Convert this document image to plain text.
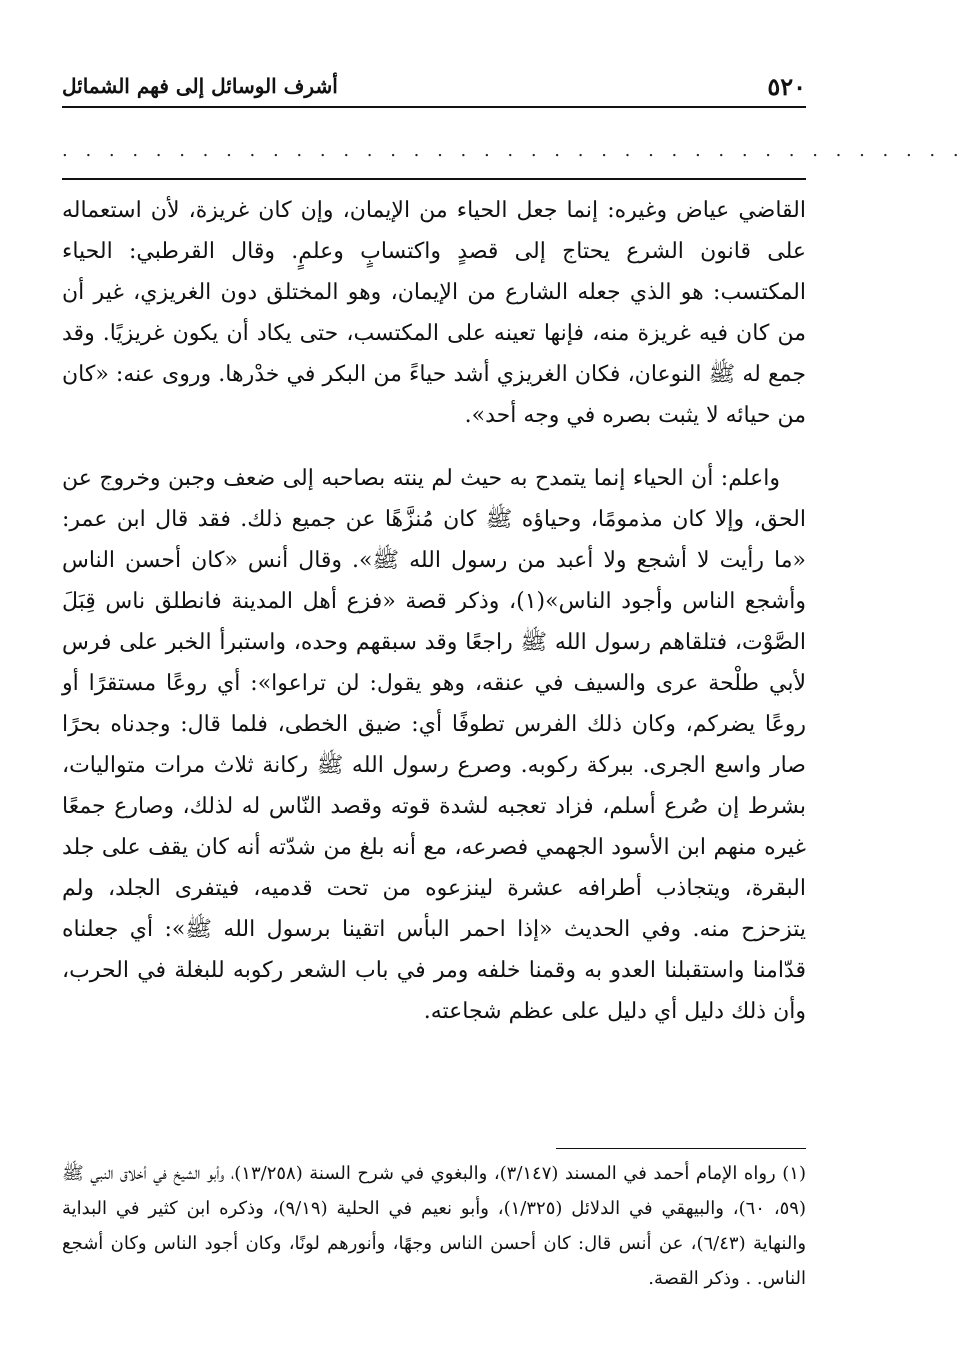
٥٢٠
أشرف الوسائل إلى فهم الشمائل
. . . . . . . . . . . . . . . . . . . . . . . . . . . . . . . . . . . . . . .

القاضي عياض وغيره: إنما جعل الحياء من الإيمان، وإن كان غريزة، لأن استعماله على قانون الشرع يحتاج إلى قصدٍ واكتسابٍ وعلمٍ. وقال القرطبي: الحياء المكتسب: هو الذي جعله الشارع من الإيمان، وهو المختلق دون الغريزي، غير أن من كان فيه غريزة منه، فإنها تعينه على المكتسب، حتى يكاد أن يكون غريزيًا. وقد جمع له ﷺ النوعان، فكان الغريزي أشد حياءً من البكر في خدْرها. وروى عنه: «كان من حيائه لا يثبت بصره في وجه أحد».

واعلم: أن الحياء إنما يتمدح به حيث لم ينته بصاحبه إلى ضعف وجبن وخروج عن الحق، وإلا كان مذمومًا، وحياؤه ﷺ كان مُنزَّهًا عن جميع ذلك. فقد قال ابن عمر: «ما رأيت لا أشجع ولا أعبد من رسول الله ﷺ». وقال أنس «كان أحسن الناس وأشجع الناس وأجود الناس»(١)، وذكر قصة «فزع أهل المدينة فانطلق ناس قِبَلَ الصَّوْت، فتلقاهم رسول الله ﷺ راجعًا وقد سبقهم وحده، واستبرأ الخبر على فرس لأبي طلْحة عرى والسيف في عنقه، وهو يقول: لن تراعوا»: أي روعًا مستقرًا أو روعًا يضركم، وكان ذلك الفرس تطوفًا أي: ضيق الخطى، فلما قال: وجدناه بحرًا صار واسع الجرى. ببركة ركوبه. وصرع رسول الله ﷺ ركانة ثلاث مرات متواليات، بشرط إن صُرع أسلم، فزاد تعجبه لشدة قوته وقصد النّاس له لذلك، وصارع جمعًا غيره منهم ابن الأسود الجهمي فصرعه، مع أنه بلغ من شدّته أنه كان يقف على جلد البقرة، ويتجاذب أطرافه عشرة لينزعوه من تحت قدميه، فيتفرى الجلد، ولم يتزحزح منه. وفي الحديث «إذا احمر البأس اتقينا برسول الله ﷺ»: أي جعلناه قدّامنا واستقبلنا العدو به وقمنا خلفه ومر في باب الشعر ركوبه للبغلة في الحرب، وأن ذلك دليل أي دليل على عظم شجاعته.

(١) رواه الإمام أحمد في المسند (٣/١٤٧)، والبغوي في شرح السنة (١٣/٢٥٨)، وأبو الشيخ في أخلاق النبي ﷺ (٥٩، ٦٠)، والبيهقي في الدلائل (١/٣٢٥)، وأبو نعيم في الحلية (٩/١٩)، وذكره ابن كثير في البداية والنهاية (٦/٤٣)، عن أنس قال: كان أحسن الناس وجهًا، وأنورهم لونًا، وكان أجود الناس وكان أشجع الناس. . وذكر القصة.
